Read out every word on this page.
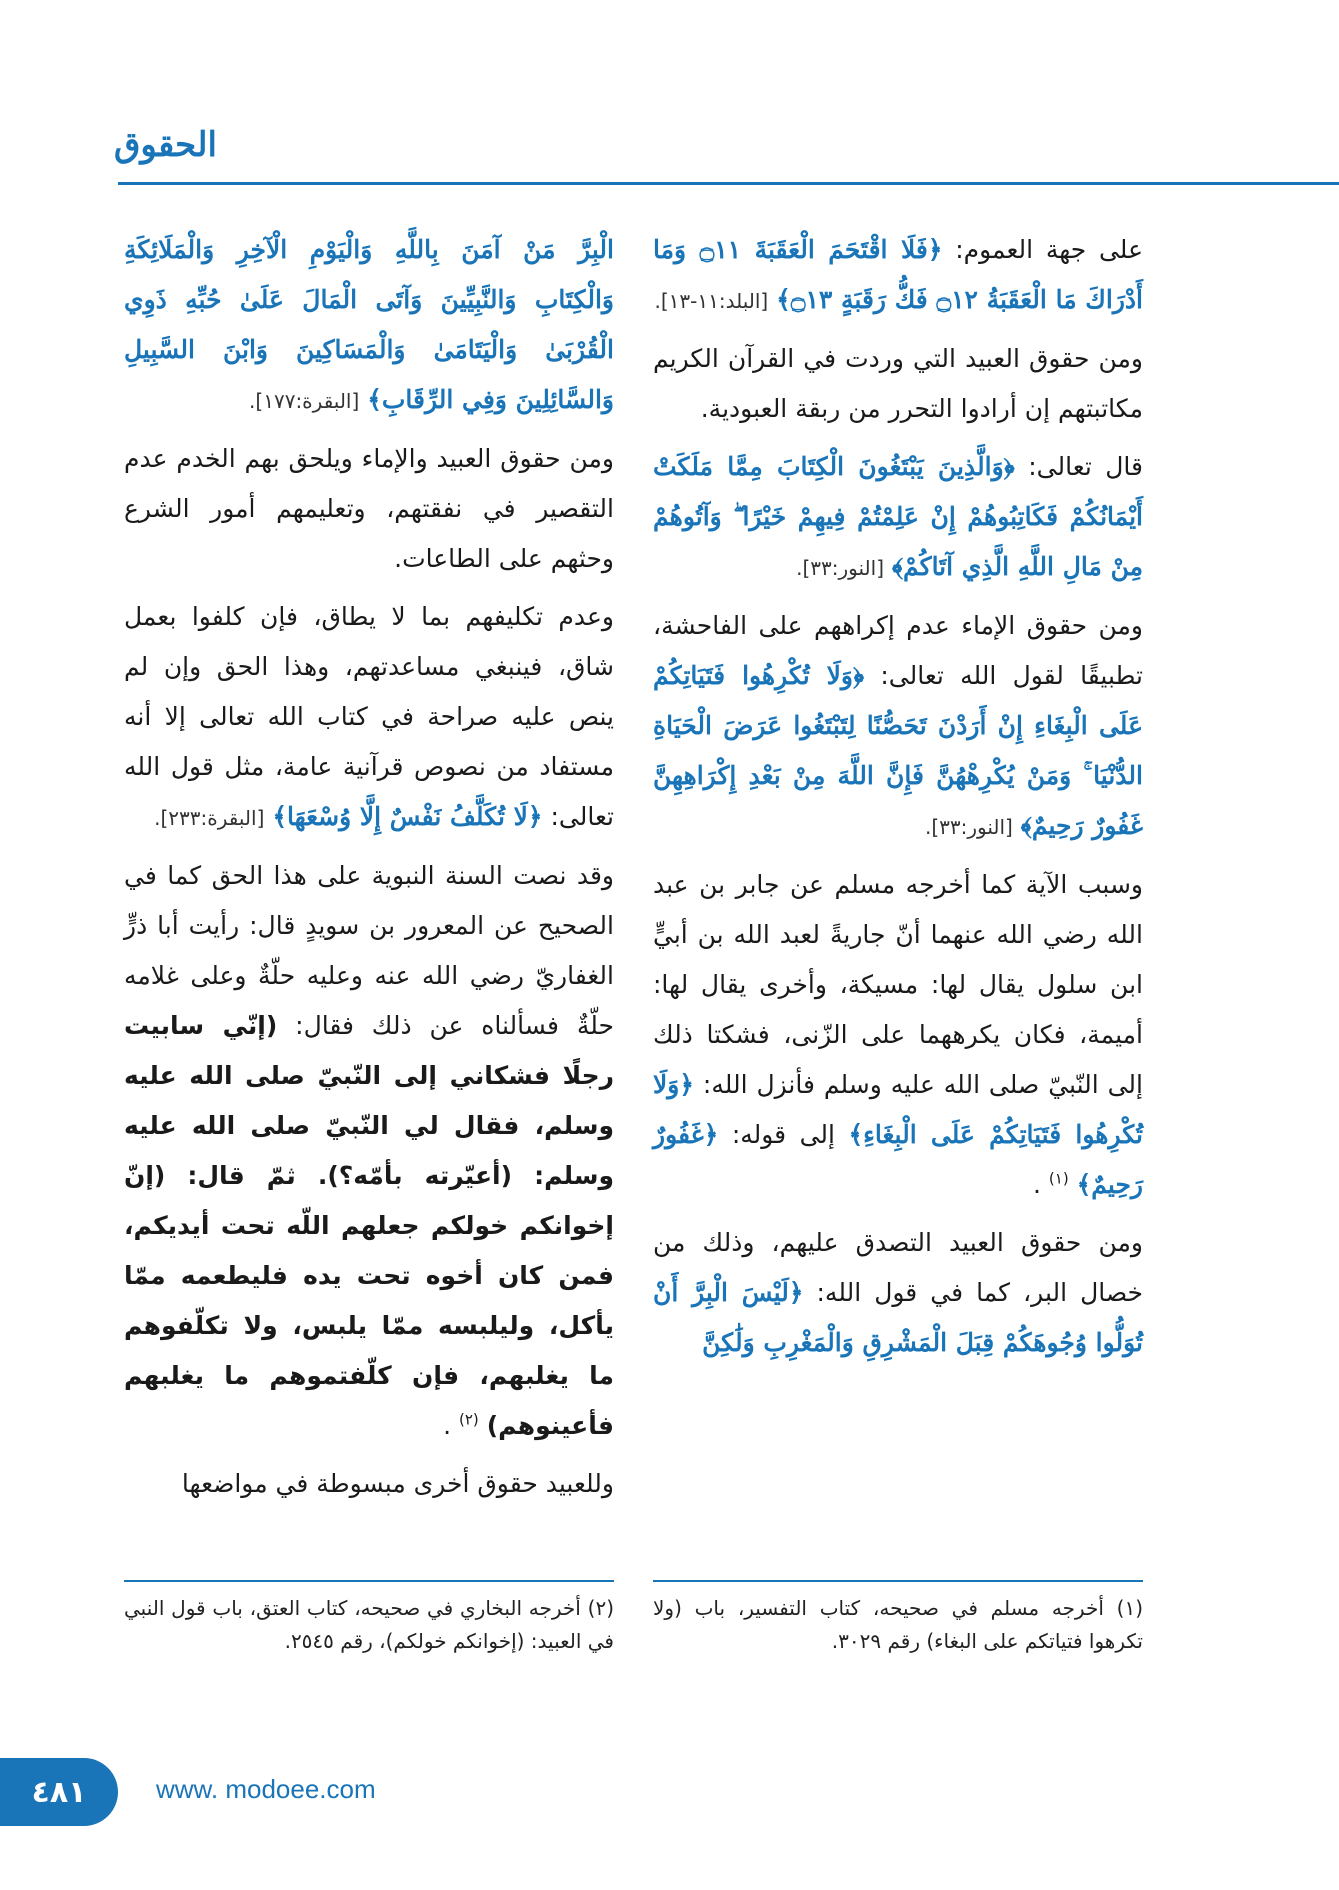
الحقوق

على جهة العموم: ﴿فَلَا اقْتَحَمَ الْعَقَبَةَ ۝١١ وَمَا أَدْرَاكَ مَا الْعَقَبَةُ ۝١٢ فَكُّ رَقَبَةٍ ۝١٣﴾ [البلد:١١-١٣].

ومن حقوق العبيد التي وردت في القرآن الكريم مكاتبتهم إن أرادوا التحرر من ربقة العبودية.

قال تعالى: ﴿وَالَّذِينَ يَبْتَغُونَ الْكِتَابَ مِمَّا مَلَكَتْ أَيْمَانُكُمْ فَكَاتِبُوهُمْ إِنْ عَلِمْتُمْ فِيهِمْ خَيْرًا ۖ وَآتُوهُمْ مِنْ مَالِ اللَّهِ الَّذِي آتَاكُمْ﴾ [النور:٣٣].

ومن حقوق الإماء عدم إكراههم على الفاحشة، تطبيقًا لقول الله تعالى: ﴿وَلَا تُكْرِهُوا فَتَيَاتِكُمْ عَلَى الْبِغَاءِ إِنْ أَرَدْنَ تَحَصُّنًا لِتَبْتَغُوا عَرَضَ الْحَيَاةِ الدُّنْيَا ۚ وَمَنْ يُكْرِهْهُنَّ فَإِنَّ اللَّهَ مِنْ بَعْدِ إِكْرَاهِهِنَّ غَفُورٌ رَحِيمٌ﴾ [النور:٣٣].

وسبب الآية كما أخرجه مسلم عن جابر بن عبد الله رضي الله عنهما أنّ جاريةً لعبد الله بن أبيٍّ ابن سلول يقال لها: مسيكة، وأخرى يقال لها: أميمة، فكان يكرههما على الزّنى، فشكتا ذلك إلى النّبيّ صلى الله عليه وسلم فأنزل الله: ﴿وَلَا تُكْرِهُوا فَتَيَاتِكُمْ عَلَى الْبِغَاءِ﴾ إلى قوله: ﴿غَفُورٌ رَحِيمٌ﴾ $^{(١)}$ .

ومن حقوق العبيد التصدق عليهم، وذلك من خصال البر، كما في قول الله: ﴿لَيْسَ الْبِرَّ أَنْ تُوَلُّوا وُجُوهَكُمْ قِبَلَ الْمَشْرِقِ وَالْمَغْرِبِ وَلَٰكِنَّ

الْبِرَّ مَنْ آمَنَ بِاللَّهِ وَالْيَوْمِ الْآخِرِ وَالْمَلَائِكَةِ وَالْكِتَابِ وَالنَّبِيِّينَ وَآتَى الْمَالَ عَلَىٰ حُبِّهِ ذَوِي الْقُرْبَىٰ وَالْيَتَامَىٰ وَالْمَسَاكِينَ وَابْنَ السَّبِيلِ وَالسَّائِلِينَ وَفِي الرِّقَابِ﴾ [البقرة:١٧٧].

ومن حقوق العبيد والإماء ويلحق بهم الخدم عدم التقصير في نفقتهم، وتعليمهم أمور الشرع وحثهم على الطاعات.

وعدم تكليفهم بما لا يطاق، فإن كلفوا بعمل شاق، فينبغي مساعدتهم، وهذا الحق وإن لم ينص عليه صراحة في كتاب الله تعالى إلا أنه مستفاد من نصوص قرآنية عامة، مثل قول الله تعالى: ﴿لَا تُكَلَّفُ نَفْسٌ إِلَّا وُسْعَهَا﴾ [البقرة:٢٣٣].

وقد نصت السنة النبوية على هذا الحق كما في الصحيح عن المعرور بن سويدٍ قال: رأيت أبا ذرٍّ الغفاريّ رضي الله عنه وعليه حلّةٌ وعلى غلامه حلّةٌ فسألناه عن ذلك فقال: (إنّي سابيت رجلًا فشكاني إلى النّبيّ صلى الله عليه وسلم، فقال لي النّبيّ صلى الله عليه وسلم: (أعيّرته بأمّه؟). ثمّ قال: (إنّ إخوانكم خولكم جعلهم اللّه تحت أيديكم، فمن كان أخوه تحت يده فليطعمه ممّا يأكل، وليلبسه ممّا يلبس، ولا تكلّفوهم ما يغلبهم، فإن كلّفتموهم ما يغلبهم فأعينوهم) $^{(٢)}$ .

وللعبيد حقوق أخرى مبسوطة في مواضعها

(١) أخرجه مسلم في صحيحه، كتاب التفسير، باب (ولا تكرهوا فتياتكم على البغاء) رقم ٣٠٢٩.
(٢) أخرجه البخاري في صحيحه، كتاب العتق، باب قول النبي في العبيد: (إخوانكم خولكم)، رقم ٢٥٤٥.
٤٨١	www. modoee.com
